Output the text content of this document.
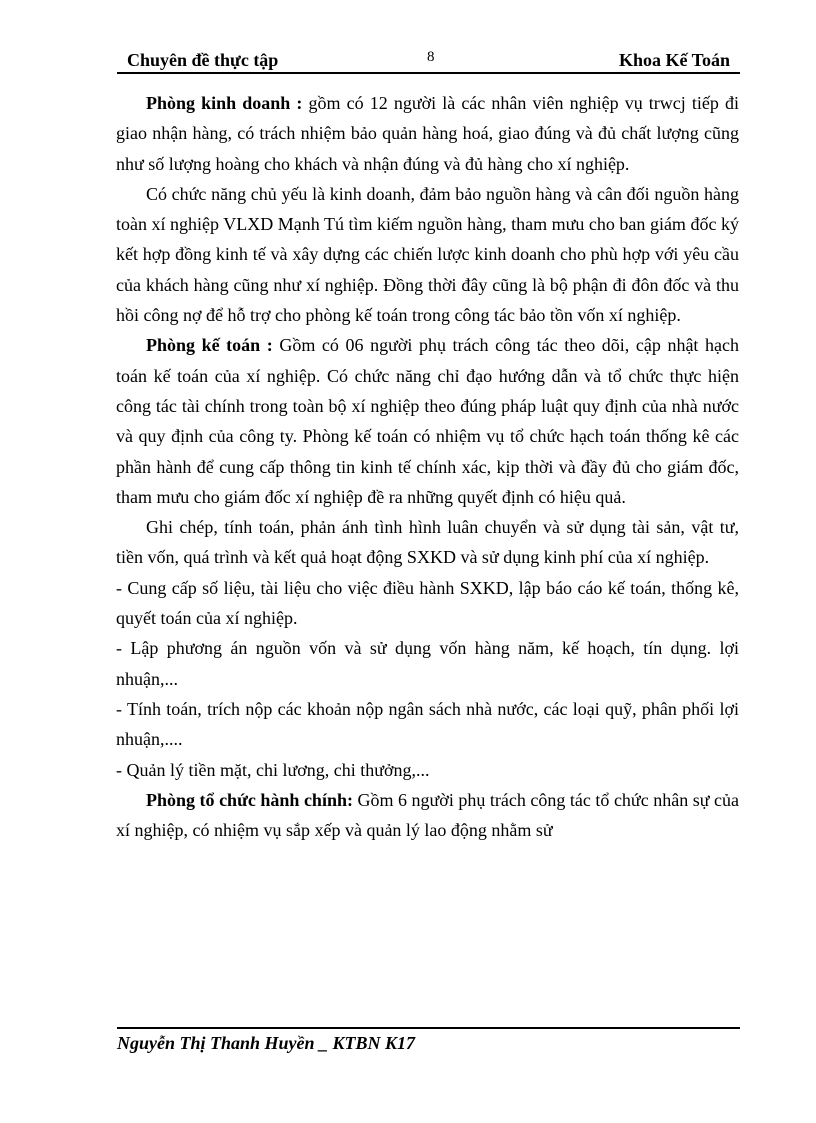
Chuyên đề thực tập	8	Khoa Kế Toán

Phòng kinh doanh : gồm có 12 người là các nhân viên nghiệp vụ trwcj tiếp đi giao nhận hàng, có trách nhiệm bảo quản hàng hoá, giao đúng và đủ chất lượng cũng như số lượng hoàng cho khách và nhận đúng và đủ hàng cho xí nghiệp.

Có chức năng chủ yếu là kinh doanh, đảm bảo nguồn hàng và cân đối nguồn hàng toàn xí nghiệp VLXD Mạnh Tú tìm kiếm nguồn hàng, tham mưu cho ban giám đốc ký kết hợp đồng kinh tế và xây dựng các chiến lược kinh doanh cho phù hợp với yêu cầu của khách hàng cũng như xí nghiệp. Đồng thời đây cũng là bộ phận đi đôn đốc và thu hồi công nợ để hỗ trợ cho phòng kế toán trong công tác bảo tồn vốn xí nghiệp.

Phòng kế toán : Gồm có 06 người phụ trách công tác theo dõi, cập nhật hạch toán kế toán của xí nghiệp. Có chức năng chỉ đạo hướng dẫn và tổ chức thực hiện công tác tài chính trong toàn bộ xí nghiệp theo đúng pháp luật quy định của nhà nước và quy định của công ty. Phòng kế toán có nhiệm vụ tổ chức hạch toán thống kê các phần hành để cung cấp thông tin kinh tế chính xác, kịp thời và đầy đủ cho giám đốc, tham mưu cho giám đốc xí nghiệp đề ra những quyết định có hiệu quả.

Ghi chép, tính toán, phản ánh tình hình luân chuyển và sử dụng tài sản, vật tư, tiền vốn, quá trình và kết quả hoạt động SXKD và sử dụng kinh phí của xí nghiệp.

- Cung cấp số liệu, tài liệu cho việc điều hành SXKD, lập báo cáo kế toán, thống kê, quyết toán của xí nghiệp.

- Lập phương án nguồn vốn và sử dụng vốn hàng năm, kế hoạch, tín dụng. lợi nhuận,...

- Tính toán, trích nộp các khoản nộp ngân sách nhà nước, các loại quỹ, phân phối lợi nhuận,....

- Quản lý tiền mặt, chi lương, chi thưởng,...

Phòng tổ chức hành chính: Gồm 6 người phụ trách công tác tổ chức nhân sự của xí nghiệp, có nhiệm vụ sắp xếp và quản lý lao động nhằm sử

Nguyễn Thị Thanh Huyền _ KTBN K17
